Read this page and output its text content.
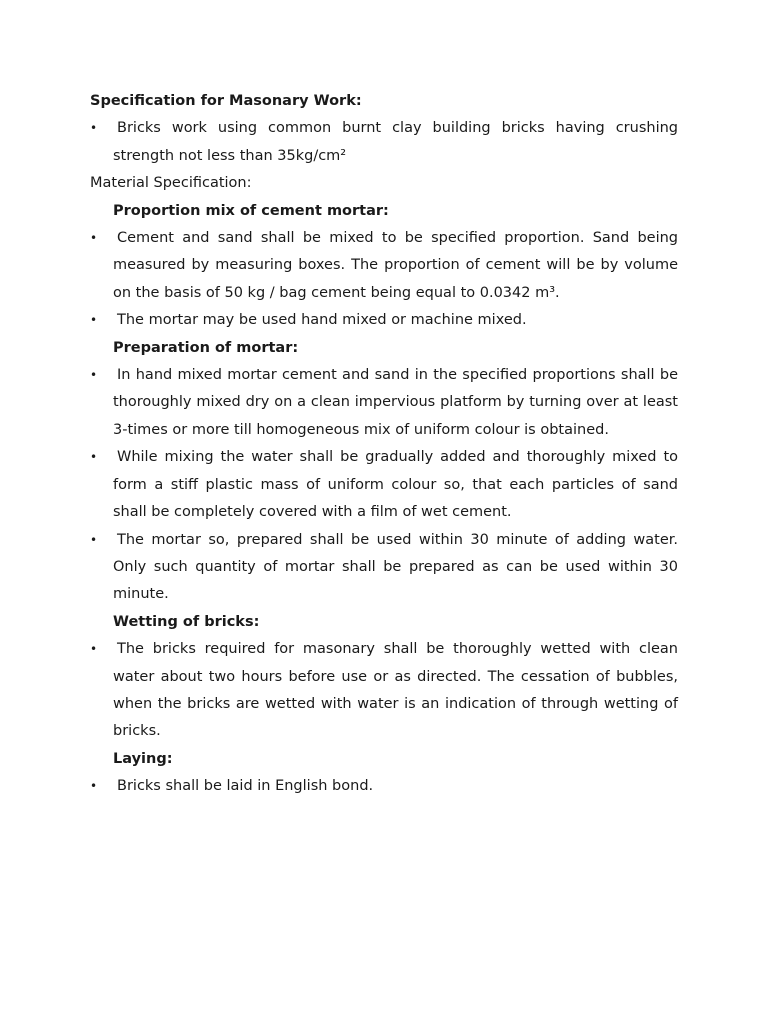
Specification for Masonary Work:

• Bricks work using common burnt clay building bricks having crushing strength not less than 35kg/cm²

Material Specification:

Proportion mix of cement mortar:

• Cement and sand shall be mixed to be specified proportion. Sand being measured by measuring boxes. The proportion of cement will be by volume on the basis of 50 kg / bag cement being equal to 0.0342 m³.
• The mortar may be used hand mixed or machine mixed.

Preparation of mortar:

• In hand mixed mortar cement and sand in the specified proportions shall be thoroughly mixed dry on a clean impervious platform by turning over at least 3-times or more till homogeneous mix of uniform colour is obtained.
• While mixing the water shall be gradually added and thoroughly mixed to form a stiff plastic mass of uniform colour so, that each particles of sand shall be completely covered with a film of wet cement.
• The mortar so, prepared shall be used within 30 minute of adding water. Only such quantity of mortar shall be prepared as can be used within 30 minute.

Wetting of bricks:

• The bricks required for masonary shall be thoroughly wetted with clean water about two hours before use or as directed. The cessation of bubbles, when the bricks are wetted with water is an indication of through wetting of bricks.

Laying:

• Bricks shall be laid in English bond.
